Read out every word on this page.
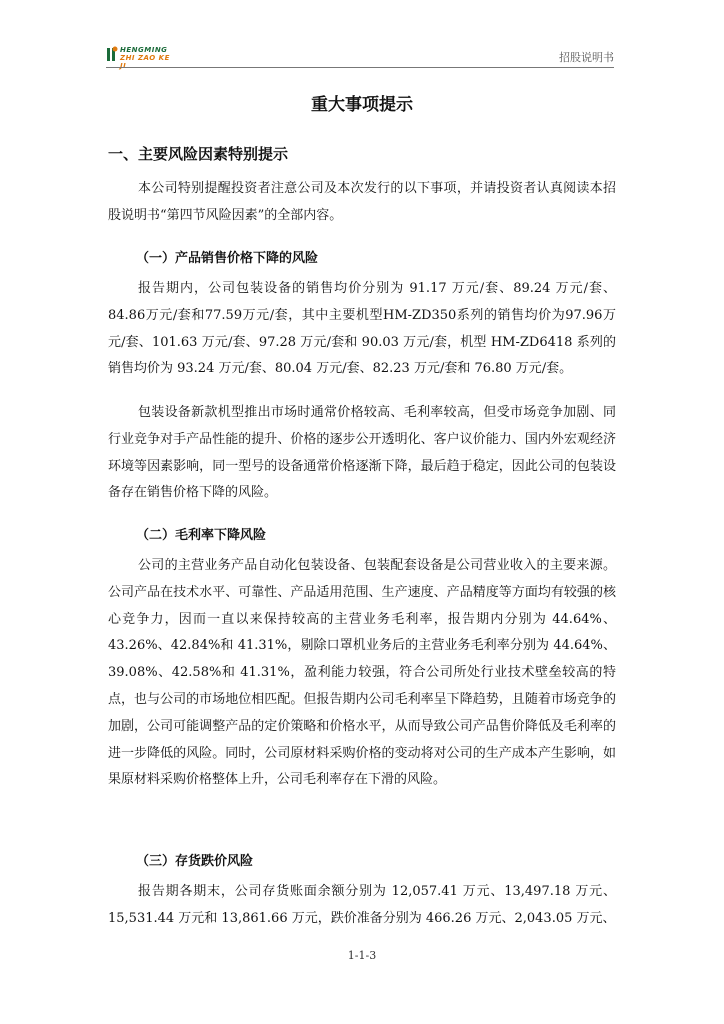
HENGMING
ZHI ZAO KE JI
招股说明书
重大事项提示
一、主要风险因素特别提示

本公司特别提醒投资者注意公司及本次发行的以下事项，并请投资者认真阅读本招股说明书“第四节风险因素”的全部内容。

（一）产品销售价格下降的风险

报告期内，公司包装设备的销售均价分别为 91.17 万元/套、89.24 万元/套、84.86万元/套和77.59万元/套，其中主要机型HM-ZD350系列的销售均价为97.96万元/套、101.63 万元/套、97.28 万元/套和 90.03 万元/套，机型 HM-ZD6418 系列的销售均价为 93.24 万元/套、80.04 万元/套、82.23 万元/套和 76.80 万元/套。

包装设备新款机型推出市场时通常价格较高、毛利率较高，但受市场竞争加剧、同行业竞争对手产品性能的提升、价格的逐步公开透明化、客户议价能力、国内外宏观经济环境等因素影响，同一型号的设备通常价格逐渐下降，最后趋于稳定，因此公司的包装设备存在销售价格下降的风险。

（二）毛利率下降风险

公司的主营业务产品自动化包装设备、包装配套设备是公司营业收入的主要来源。公司产品在技术水平、可靠性、产品适用范围、生产速度、产品精度等方面均有较强的核心竞争力，因而一直以来保持较高的主营业务毛利率，报告期内分别为 44.64%、43.26%、42.84%和 41.31%，剔除口罩机业务后的主营业务毛利率分别为 44.64%、39.08%、42.58%和 41.31%，盈利能力较强，符合公司所处行业技术壁垒较高的特点，也与公司的市场地位相匹配。但报告期内公司毛利率呈下降趋势，且随着市场竞争的加剧，公司可能调整产品的定价策略和价格水平，从而导致公司产品售价降低及毛利率的进一步降低的风险。同时，公司原材料采购价格的变动将对公司的生产成本产生影响，如果原材料采购价格整体上升，公司毛利率存在下滑的风险。

（三）存货跌价风险

报告期各期末，公司存货账面余额分别为 12,057.41 万元、13,497.18 万元、15,531.44 万元和 13,861.66 万元，跌价准备分别为 466.26 万元、2,043.05 万元、

1-1-3
